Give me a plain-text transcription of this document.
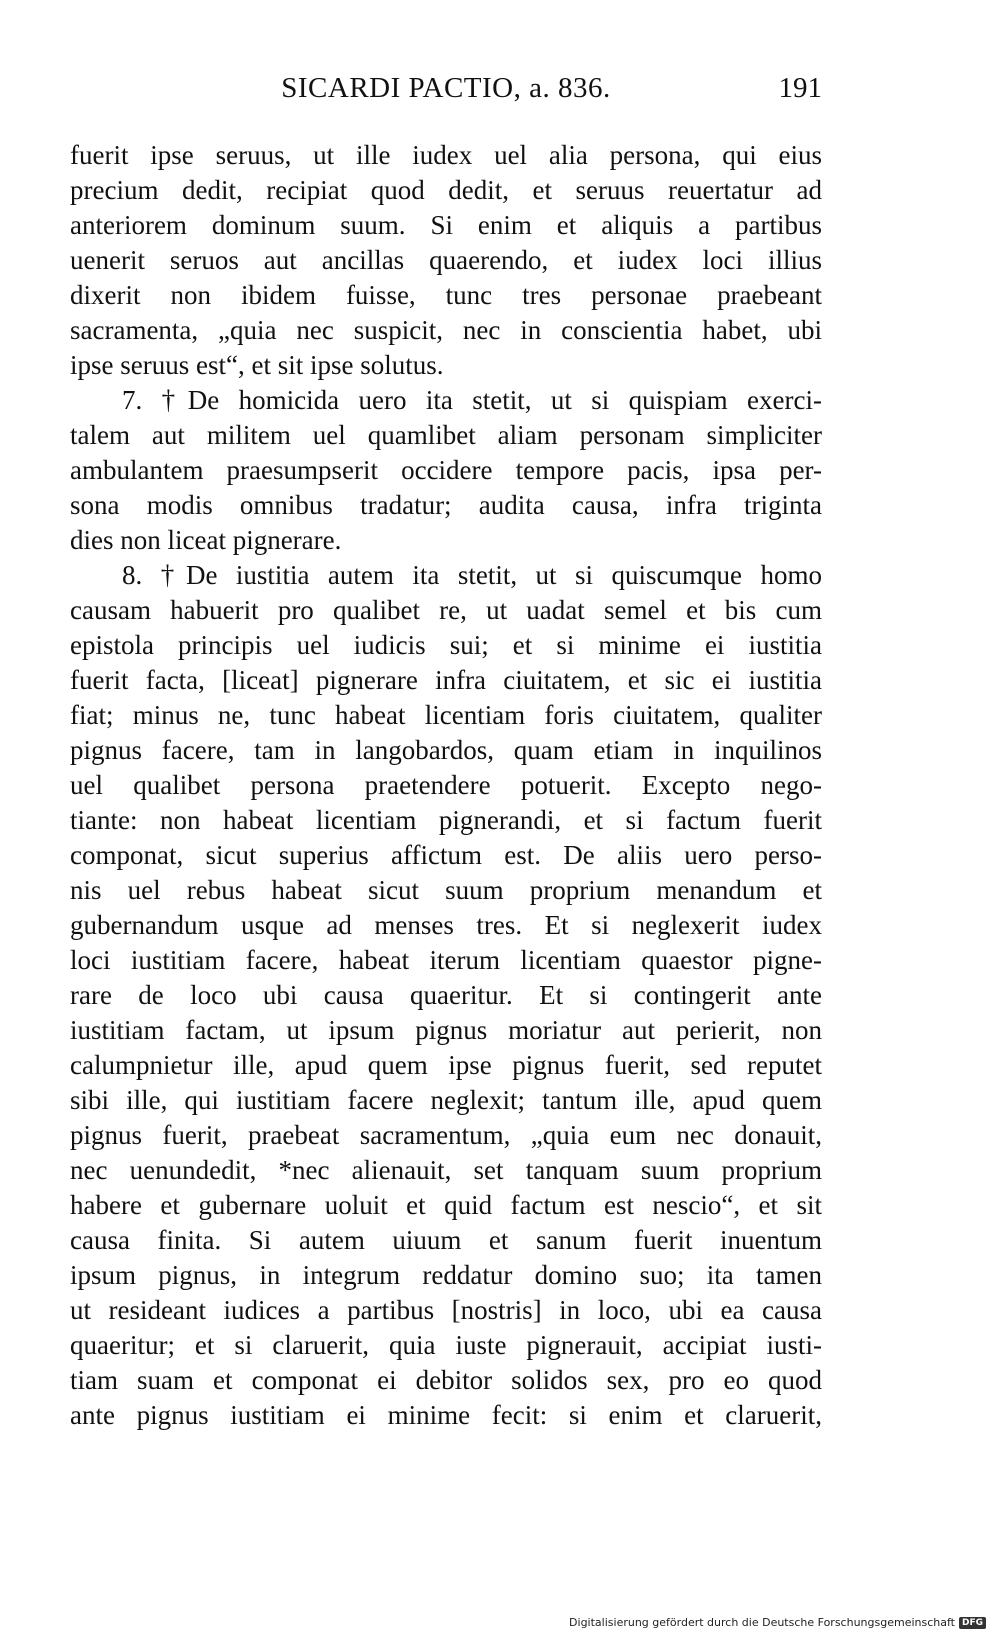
SICARDI PACTIO, a. 836.	191
fuerit ipse seruus, ut ille iudex uel alia persona, qui eius
precium dedit, recipiat quod dedit, et seruus reuertatur ad
anteriorem dominum suum. Si enim et aliquis a partibus
uenerit seruos aut ancillas quaerendo, et iudex loci illius
dixerit non ibidem fuisse, tunc tres personae praebeant
sacramenta, „quia nec suspicit, nec in conscientia habet, ubi
ipse seruus est“, et sit ipse solutus.
7. †De homicida uero ita stetit, ut si quispiam exerci-
talem aut militem uel quamlibet aliam personam simpliciter
ambulantem praesumpserit occidere tempore pacis, ipsa per-
sona modis omnibus tradatur; audita causa, infra triginta
dies non liceat pignerare.
8. †De iustitia autem ita stetit, ut si quiscumque homo
causam habuerit pro qualibet re, ut uadat semel et bis cum
epistola principis uel iudicis sui; et si minime ei iustitia
fuerit facta, [liceat] pignerare infra ciuitatem, et sic ei iustitia
fiat; minus ne, tunc habeat licentiam foris ciuitatem, qualiter
pignus facere, tam in langobardos, quam etiam in inquilinos
uel qualibet persona praetendere potuerit. Excepto nego-
tiante: non habeat licentiam pignerandi, et si factum fuerit
componat, sicut superius affictum est. De aliis uero perso-
nis uel rebus habeat sicut suum proprium menandum et
gubernandum usque ad menses tres. Et si neglexerit iudex
loci iustitiam facere, habeat iterum licentiam quaestor pigne-
rare de loco ubi causa quaeritur. Et si contingerit ante
iustitiam factam, ut ipsum pignus moriatur aut perierit, non
calumpnietur ille, apud quem ipse pignus fuerit, sed reputet
sibi ille, qui iustitiam facere neglexit; tantum ille, apud quem
pignus fuerit, praebeat sacramentum, „quia eum nec donauit,
nec uenundedit, *nec alienauit, set tanquam suum proprium
habere et gubernare uoluit et quid factum est nescio“, et sit
causa finita. Si autem uiuum et sanum fuerit inuentum
ipsum pignus, in integrum reddatur domino suo; ita tamen
ut resideant iudices a partibus [nostris] in loco, ubi ea causa
quaeritur; et si claruerit, quia iuste pignerauit, accipiat iusti-
tiam suam et componat ei debitor solidos sex, pro eo quod
ante pignus iustitiam ei minime fecit: si enim et claruerit,
Digitalisierung gefördert durch die Deutsche Forschungsgemeinschaft DFG
